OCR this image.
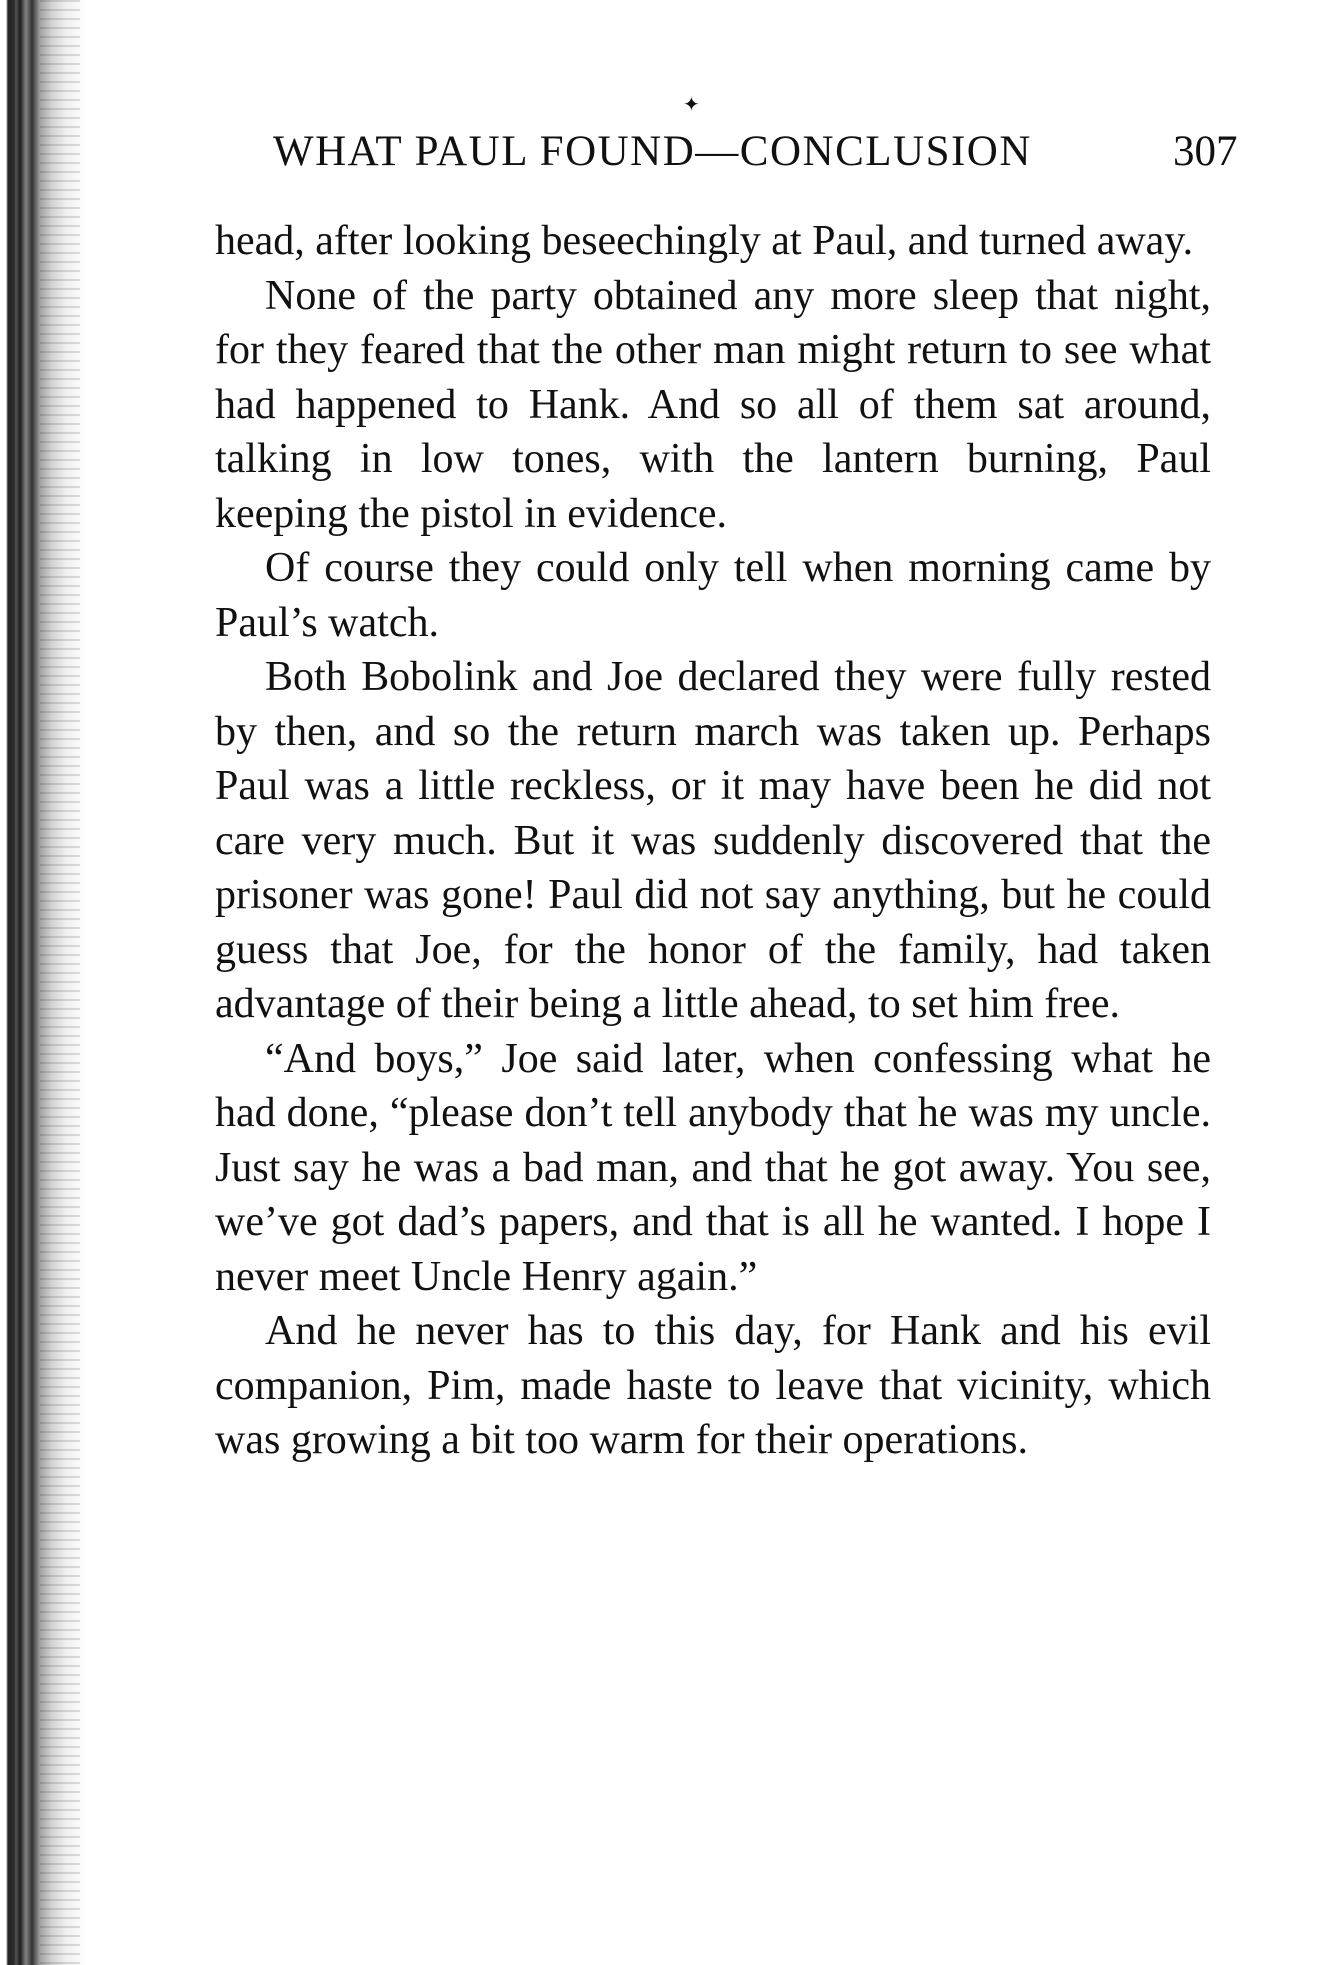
✦
WHAT PAUL FOUND—CONCLUSION	307

head, after looking beseechingly at Paul, and turned away.

None of the party obtained any more sleep that night, for they feared that the other man might return to see what had happened to Hank. And so all of them sat around, talking in low tones, with the lantern burning, Paul keeping the pistol in evidence.

Of course they could only tell when morning came by Paul’s watch.

Both Bobolink and Joe declared they were fully rested by then, and so the return march was taken up. Perhaps Paul was a little reckless, or it may have been he did not care very much. But it was suddenly discovered that the prisoner was gone! Paul did not say anything, but he could guess that Joe, for the honor of the family, had taken advantage of their being a little ahead, to set him free.

“And boys,” Joe said later, when confessing what he had done, “please don’t tell anybody that he was my uncle. Just say he was a bad man, and that he got away. You see, we’ve got dad’s papers, and that is all he wanted. I hope I never meet Uncle Henry again.”

And he never has to this day, for Hank and his evil companion, Pim, made haste to leave that vicinity, which was growing a bit too warm for their operations.
